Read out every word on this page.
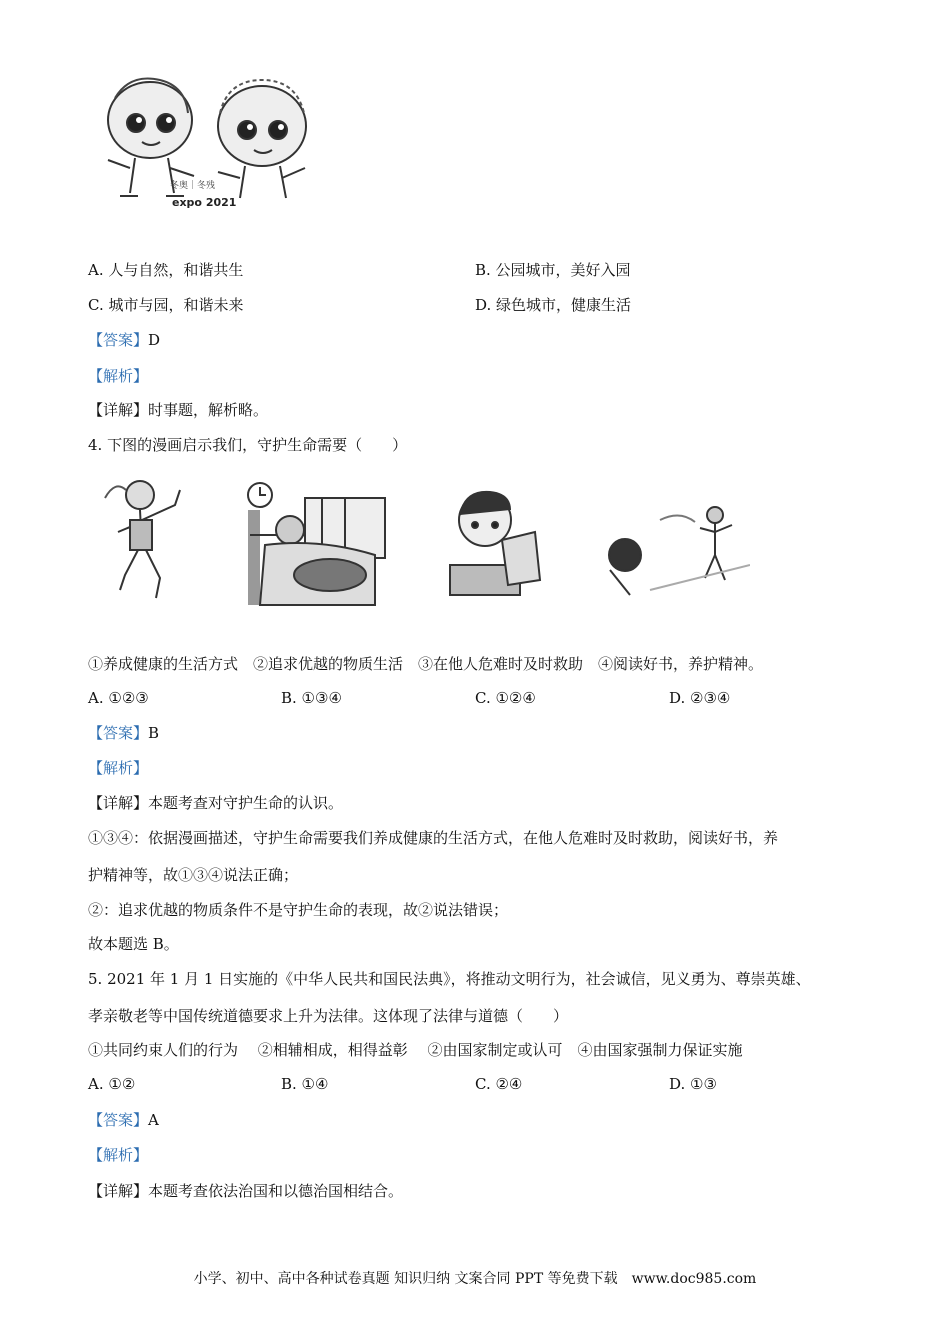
冬奥｜冬残
expo 2021
A. 人与自然，和谐共生	B. 公园城市，美好入园
C. 城市与园，和谐未来	D. 绿色城市，健康生活
【答案】D
【解析】
【详解】时事题，解析略。
4. 下图的漫画启示我们，守护生命需要（　　）
①养成健康的生活方式　②追求优越的物质生活　③在他人危难时及时救助　④阅读好书，养护精神。
A. ①②③	B. ①③④	C. ①②④	D. ②③④
【答案】B
【解析】
【详解】本题考查对守护生命的认识。
①③④：依据漫画描述，守护生命需要我们养成健康的生活方式，在他人危难时及时救助，阅读好书，养
护精神等，故①③④说法正确；
②：追求优越的物质条件不是守护生命的表现，故②说法错误；
故本题选 B。
5. 2021 年 1 月 1 日实施的《中华人民共和国民法典》，将推动文明行为，社会诚信，见义勇为、尊崇英雄、
孝亲敬老等中国传统道德要求上升为法律。这体现了法律与道德（　　）
①共同约束人们的行为　 ②相辅相成，相得益彰　 ②由国家制定或认可　④由国家强制力保证实施
A. ①②	B. ①④	C. ②④	D. ①③
【答案】A
【解析】
【详解】本题考查依法治国和以德治国相结合。
小学、初中、高中各种试卷真题 知识归纳 文案合同 PPT 等免费下载　www.doc985.com
